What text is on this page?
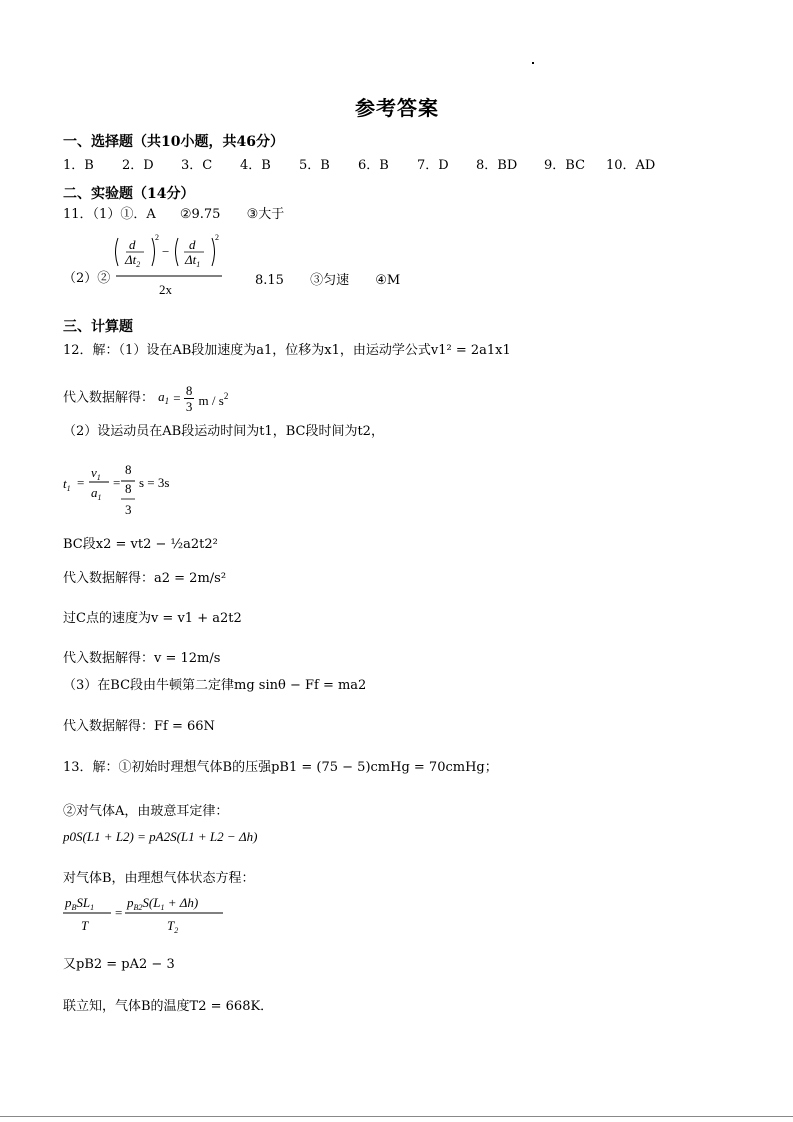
参考答案
一、选择题（共10小题，共46分）
1．B 2．D 3．C 4．B 5．B 6．B 7．D 8．BD 9．BC 10．AD
二、实验题（14分）
11．（1）①．A ②9.75 ③大于
（2）②
d
$\Delta t_2$
2
− d
$\Delta t_1$
2
2x
8.15 ③匀速 ④M
三、计算题
12．解：（1）设在AB段加速度为a1，位移为x1，由运动学公式v1² = 2a1x1
代入数据解得： $a_1 = \frac{8}{3}$ m / $s^2$
（2）设运动员在AB段运动时间为t1，BC段时间为t2，
$t_1$ =
$v_1$
$a_1$
=
8
8
3
s = 3s
BC段x2 = vt2 − ½a2t2²
代入数据解得：a2 = 2m/s²
过C点的速度为v = v1 + a2t2
代入数据解得：v = 12m/s
（3）在BC段由牛顿第二定律mg sinθ − Ff = ma2
代入数据解得：Ff = 66N
13．解：①初始时理想气体B的压强pB1 = (75 − 5)cmHg = 70cmHg；
②对气体A，由玻意耳定律：
p0S(L1 + L2) = pA2S(L1 + L2 − Δh)
对气体B，由理想气体状态方程：
$p_BSL_1$
T
=
$p_{B2}S(L_1 + \Delta h)$
$T_2$
又pB2 = pA2 − 3
联立知，气体B的温度T2 = 668K．
